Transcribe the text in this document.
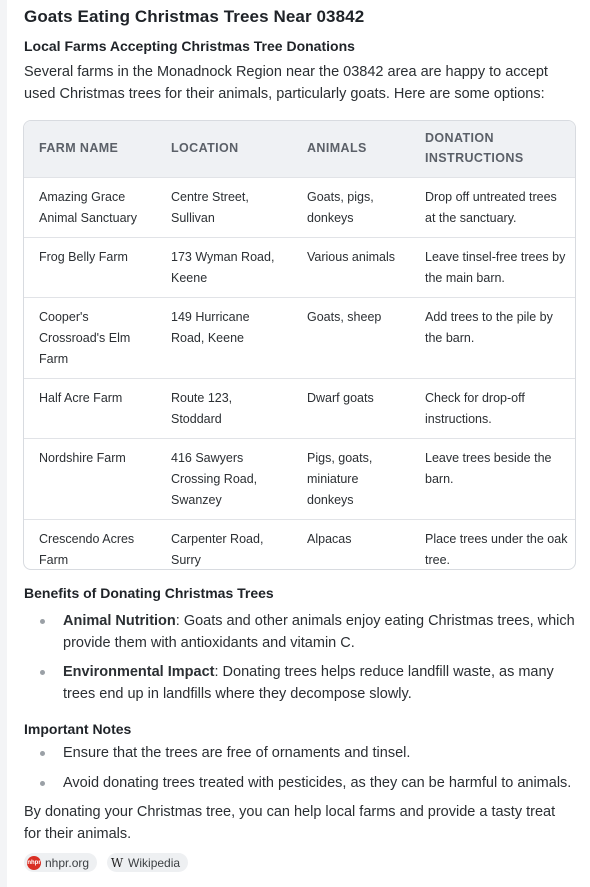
Goats Eating Christmas Trees Near 03842
Local Farms Accepting Christmas Tree Donations
Several farms in the Monadnock Region near the 03842 area are happy to accept used Christmas trees for their animals, particularly goats. Here are some options:
FARM NAME	LOCATION	ANIMALS	DONATION INSTRUCTIONS
Amazing Grace Animal Sanctuary	Centre Street, Sullivan	Goats, pigs, donkeys	Drop off untreated trees at the sanctuary.
Frog Belly Farm	173 Wyman Road, Keene	Various animals	Leave tinsel-free trees by the main barn.
Cooper's Crossroad's Elm Farm	149 Hurricane Road, Keene	Goats, sheep	Add trees to the pile by the barn.
Half Acre Farm	Route 123, Stoddard	Dwarf goats	Check for drop-off instructions.
Nordshire Farm	416 Sawyers Crossing Road, Swanzey	Pigs, goats, miniature donkeys	Leave trees beside the barn.
Crescendo Acres Farm	Carpenter Road, Surry	Alpacas	Place trees under the oak tree.
Benefits of Donating Christmas Trees
Animal Nutrition: Goats and other animals enjoy eating Christmas trees, which provide them with antioxidants and vitamin C.
Environmental Impact: Donating trees helps reduce landfill waste, as many trees end up in landfills where they decompose slowly.
Important Notes
Ensure that the trees are free of ornaments and tinsel.
Avoid donating trees treated with pesticides, as they can be harmful to animals.
By donating your Christmas tree, you can help local farms and provide a tasty treat for their animals.
nhpr nhpr.org W Wikipedia
